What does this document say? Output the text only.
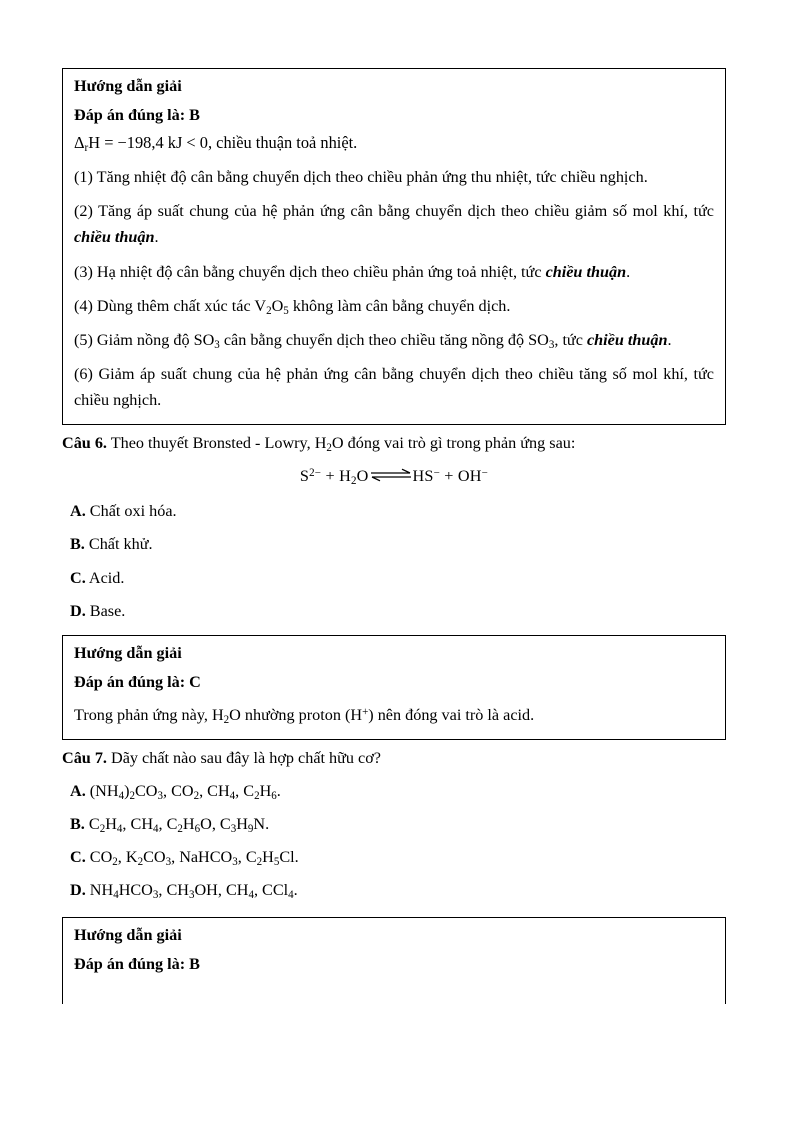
Hướng dẫn giải
Đáp án đúng là: B
$\Delta_rH = -198,4$ kJ < 0, chiều thuận toả nhiệt.

(1) Tăng nhiệt độ cân bằng chuyển dịch theo chiều phản ứng thu nhiệt, tức chiều nghịch.

(2) Tăng áp suất chung của hệ phản ứng cân bằng chuyển dịch theo chiều giảm số mol khí, tức chiều thuận.

(3) Hạ nhiệt độ cân bằng chuyển dịch theo chiều phản ứng toả nhiệt, tức chiều thuận.

(4) Dùng thêm chất xúc tác $V_2O_5$ không làm cân bằng chuyển dịch.

(5) Giảm nồng độ $SO_3$ cân bằng chuyển dịch theo chiều tăng nồng độ $SO_3$, tức chiều thuận.

(6) Giảm áp suất chung của hệ phản ứng cân bằng chuyển dịch theo chiều tăng số mol khí, tức chiều nghịch.

Câu 6. Theo thuyết Bronsted - Lowry, $H_2O$ đóng vai trò gì trong phản ứng sau:

$S^{2-}$ + $H_2O\rightleftharpoons HS^- + OH^-$

A. Chất oxi hóa.

B. Chất khử.

C. Acid.

D. Base.

Hướng dẫn giải
Đáp án đúng là: C

Trong phản ứng này, $H_2O$ nhường proton (H+) nên đóng vai trò là acid.

Câu 7. Dãy chất nào sau đây là hợp chất hữu cơ?

A. $(NH_4)_2CO_3$, $CO_2$, $CH_4$, $C_2H_6$.

B. $C_2H_4$, $CH_4$, $C_2H_6O$, $C_3H_9N$.

C. $CO_2$, $K_2CO_3$, NaHCO$_3$, $C_2H_5Cl$.

D. $NH_4HCO_3$, $CH_3OH$, $CH_4$, CCl$_4$.

Hướng dẫn giải
Đáp án đúng là: B
